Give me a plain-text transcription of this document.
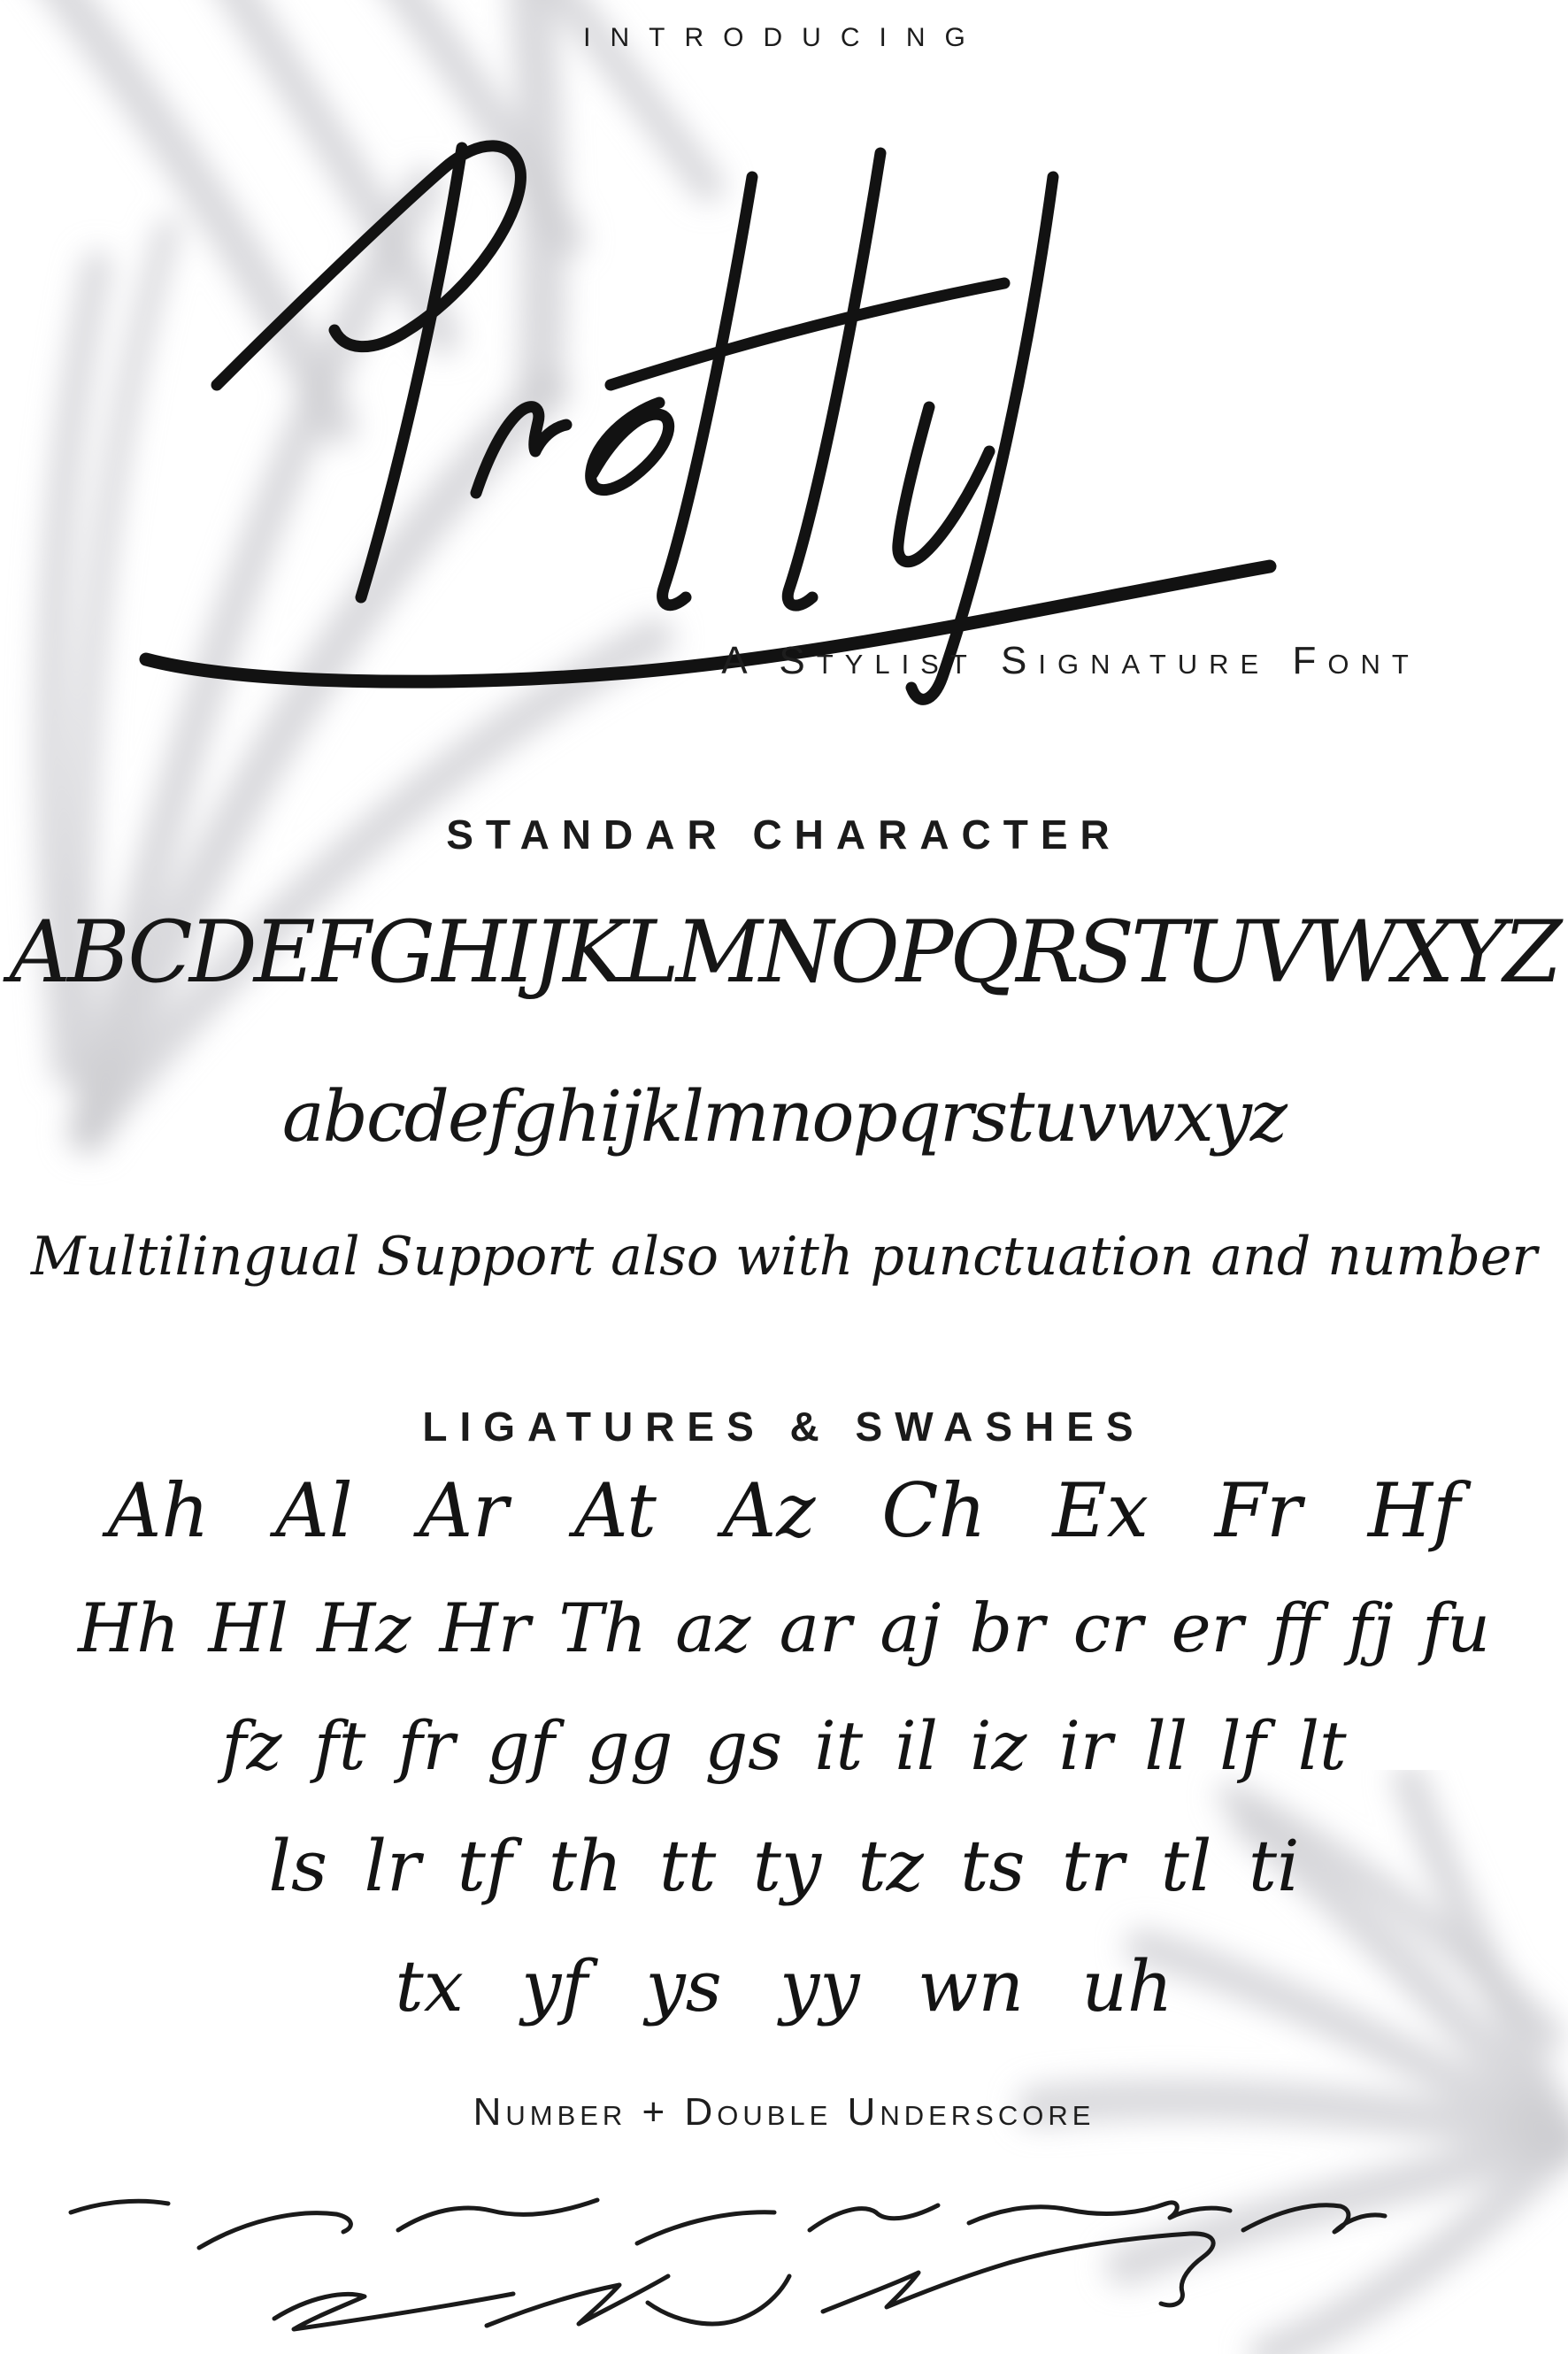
INTRODUCING
A Stylist Signature Font
STANDAR CHARACTER
ABCDEFGHIJKLMNOPQRSTUVWXYZ
abcdefghijklmnopqrstuvwxyz
Multilingual Support also with punctuation and number
LIGATURES & SWASHES
Ah Al Ar At Az Ch Ex Fr Hf
Hh Hl Hz Hr Th az ar aj br cr er ff fj fu
fz ft fr gf gg gs it il iz ir ll lf lt
ls lr tf th tt ty tz ts tr tl ti
tx yf ys yy wn uh
Number + Double Underscore
